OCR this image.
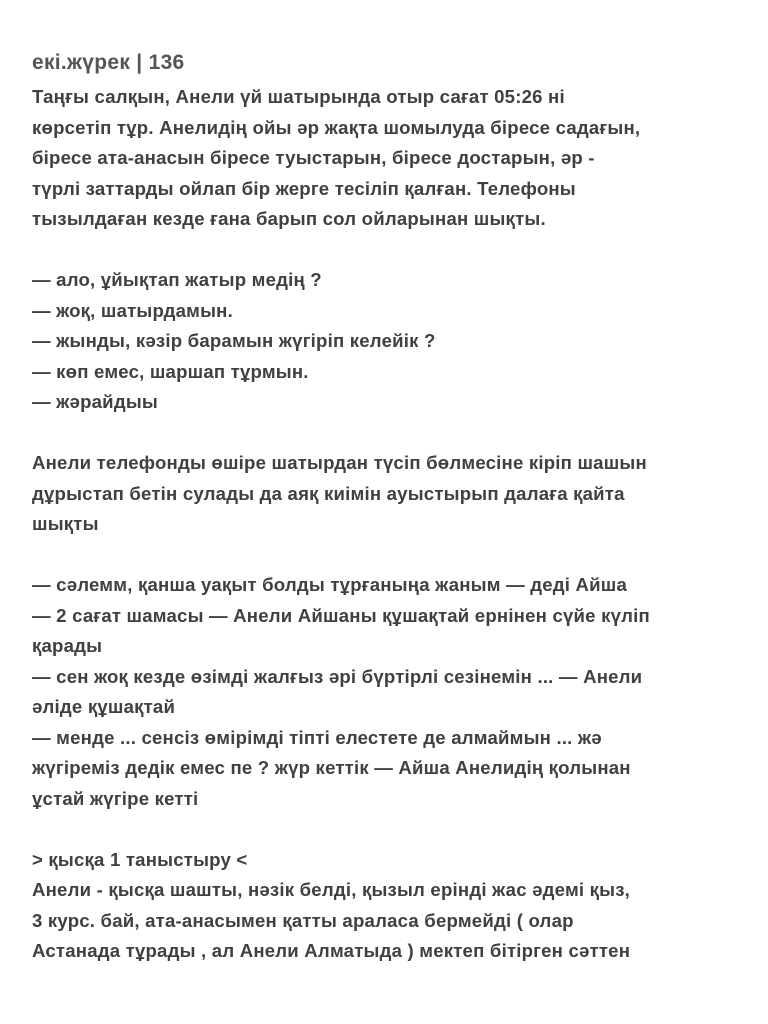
екі.жүрек | 136
Таңғы салқын, Анели үй шатырында отыр сағат 05:26 ні
көрсетіп тұр. Анелидің ойы әр жақта шомылуда біресе садағын,
біресе ата-анасын біресе туыстарын, біресе достарын, әр -
түрлі заттарды ойлап бір жерге тесіліп қалған. Телефоны
тызылдаған кезде ғана барып сол ойларынан шықты.
— ало, ұйықтап жатыр медің ?
— жоқ, шатырдамын.
— жынды, кәзір барамын жүгіріп келейік ?
— көп емес, шаршап тұрмын.
— жәрайдыы
Анели телефонды өшіре шатырдан түсіп бөлмесіне кіріп шашын
дұрыстап бетін сулады да аяқ киімін ауыстырып далаға қайта
шықты
— сәлемм, қанша уақыт болды тұрғаныңа жаным — деді Айша
— 2 сағат шамасы — Анели Айшаны құшақтай ернінен сүйе күліп
қарады
— сен жоқ кезде өзімді жалғыз әрі бүртірлі сезінемін ... — Анели
әліде құшақтай
— менде ... сенсіз өмірімді тіпті елестете де алмаймын ... жә
жүгіреміз дедік емес пе ? жүр кеттік — Айша Анелидің қолынан
ұстай жүгіре кетті
> қысқа 1 таныстыру <
Анели - қысқа шашты, нәзік белді, қызыл ерінді жас әдемі қыз,
3 курс. бай, ата-анасымен қатты араласа бермейді ( олар
Астанада тұрады , ал Анели Алматыда ) мектеп бітірген сәттен
